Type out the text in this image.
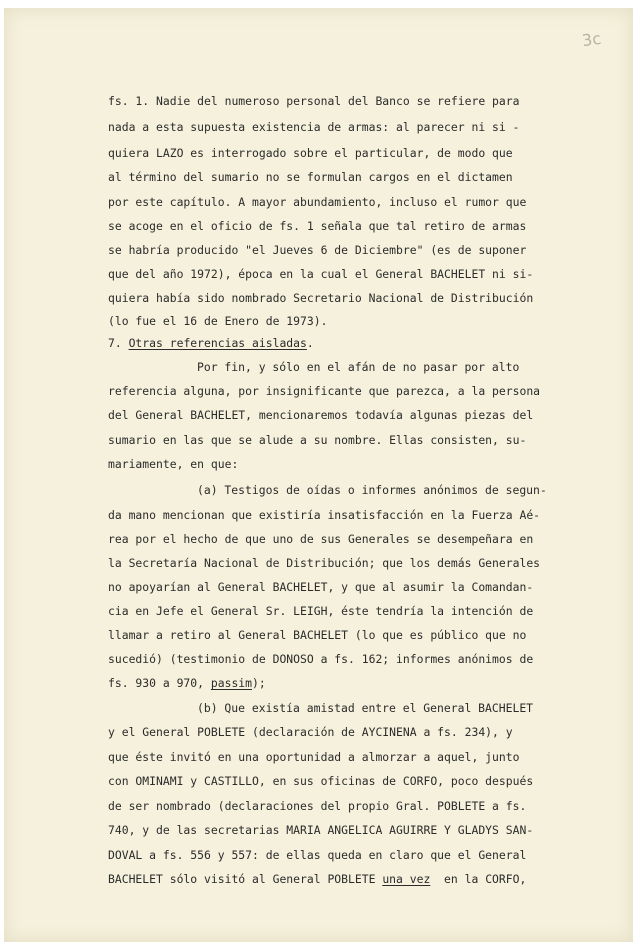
3c

fs. 1. Nadie del numeroso personal del Banco se refiere para

nada a esta supuesta existencia de armas: al parecer ni si -

quiera LAZO es interrogado sobre el particular, de modo que

al término del sumario no se formulan cargos en el dictamen

por este capítulo. A mayor abundamiento, incluso el rumor que

se acoge en el oficio de fs. 1 señala que tal retiro de armas

se habría producido "el Jueves 6 de Diciembre" (es de suponer

que del año 1972), época en la cual el General BACHELET ni si-

quiera había sido nombrado Secretario Nacional de Distribución

(lo fue el 16 de Enero de 1973).

7. Otras referencias aisladas.

Por fin, y sólo en el afán de no pasar por alto

referencia alguna, por insignificante que parezca, a la persona

del General BACHELET, mencionaremos todavía algunas piezas del

sumario en las que se alude a su nombre. Ellas consisten, su-

mariamente, en que:

(a) Testigos de oídas o informes anónimos de segun-

da mano mencionan que existiría insatisfacción en la Fuerza Aé-

rea por el hecho de que uno de sus Generales se desempeñara en

la Secretaría Nacional de Distribución; que los demás Generales

no apoyarían al General BACHELET, y que al asumir la Comandan-

cia en Jefe el General Sr. LEIGH, éste tendría la intención de

llamar a retiro al General BACHELET (lo que es público que no

sucedió) (testimonio de DONOSO a fs. 162; informes anónimos de

fs. 930 a 970, passim);

(b) Que existía amistad entre el General BACHELET

y el General POBLETE (declaración de AYCINENA a fs. 234), y

que éste invitó en una oportunidad a almorzar a aquel, junto

con OMINAMI y CASTILLO, en sus oficinas de CORFO, poco después

de ser nombrado (declaraciones del propio Gral. POBLETE a fs.

740, y de las secretarias MARIA ANGELICA AGUIRRE Y GLADYS SAN-

DOVAL a fs. 556 y 557: de ellas queda en claro que el General

BACHELET sólo visitó al General POBLETE una vez  en la CORFO,
